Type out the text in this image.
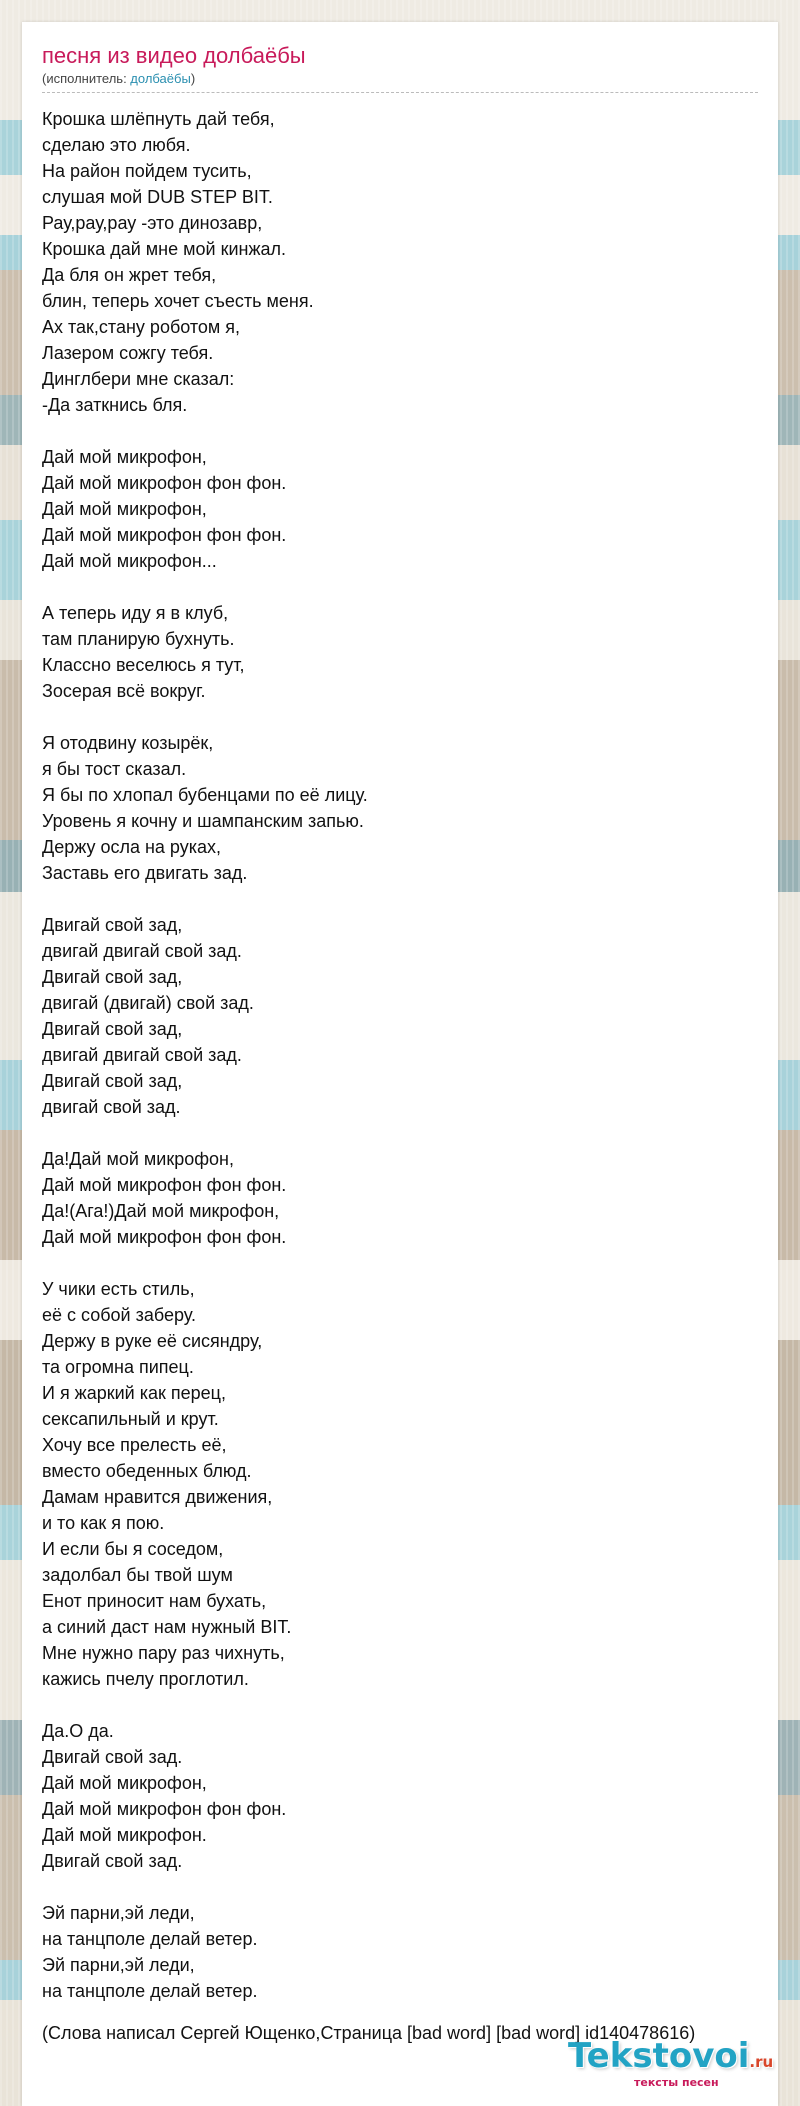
песня из видео долбаёбы
(исполнитель: долбаёбы)
Крошка шлёпнуть дай тебя,
сделаю это любя.
На район пойдем тусить,
слушая мой DUB STEP BIT.
Рау,рау,рау -это динозавр,
Крошка дай мне мой кинжал.
Да бля он жрет тебя,
блин, теперь хочет съесть меня.
Ах так,стану роботом я,
Лазером сожгу тебя.
Динглбери мне сказал:
-Да заткнись бля.
Дай мой микрофон,
Дай мой микрофон фон фон.
Дай мой микрофон,
Дай мой микрофон фон фон.
Дай мой микрофон...
А теперь иду я в клуб,
там планирую бухнуть.
Классно веселюсь я тут,
Зосерая всё вокруг.
Я отодвину козырёк,
я бы тост сказал.
Я бы по хлопал бубенцами по её лицу.
Уровень я кочну и шампанским запью.
Держу осла на руках,
Заставь его двигать зад.
Двигай свой зад,
двигай двигай свой зад.
Двигай свой зад,
двигай (двигай) свой зад.
Двигай свой зад,
двигай двигай свой зад.
Двигай свой зад,
двигай свой зад.
Да!Дай мой микрофон,
Дай мой микрофон фон фон.
Да!(Ага!)Дай мой микрофон,
Дай мой микрофон фон фон.
У чики есть стиль,
её с собой заберу.
Держу в руке её сисяндру,
та огромна пипец.
И я жаркий как перец,
сексапильный и крут.
Хочу все прелесть её,
вместо обеденных блюд.
Дамам нравится движения,
и то как я пою.
И если бы я соседом,
задолбал бы твой шум
Енот приносит нам бухать,
а синий даст нам нужный BIT.
Мне нужно пару раз чихнуть,
кажись пчелу проглотил.
Да.О да.
Двигай свой зад.
Дай мой микрофон,
Дай мой микрофон фон фон.
Дай мой микрофон.
Двигай свой зад.
Эй парни,эй леди,
на танцполе делай ветер.
Эй парни,эй леди,
на танцполе делай ветер.
(Слова написал Сергей Ющенко,Страница [bad word] [bad word] id140478616)
Tekstovoi.ru
тексты песен
